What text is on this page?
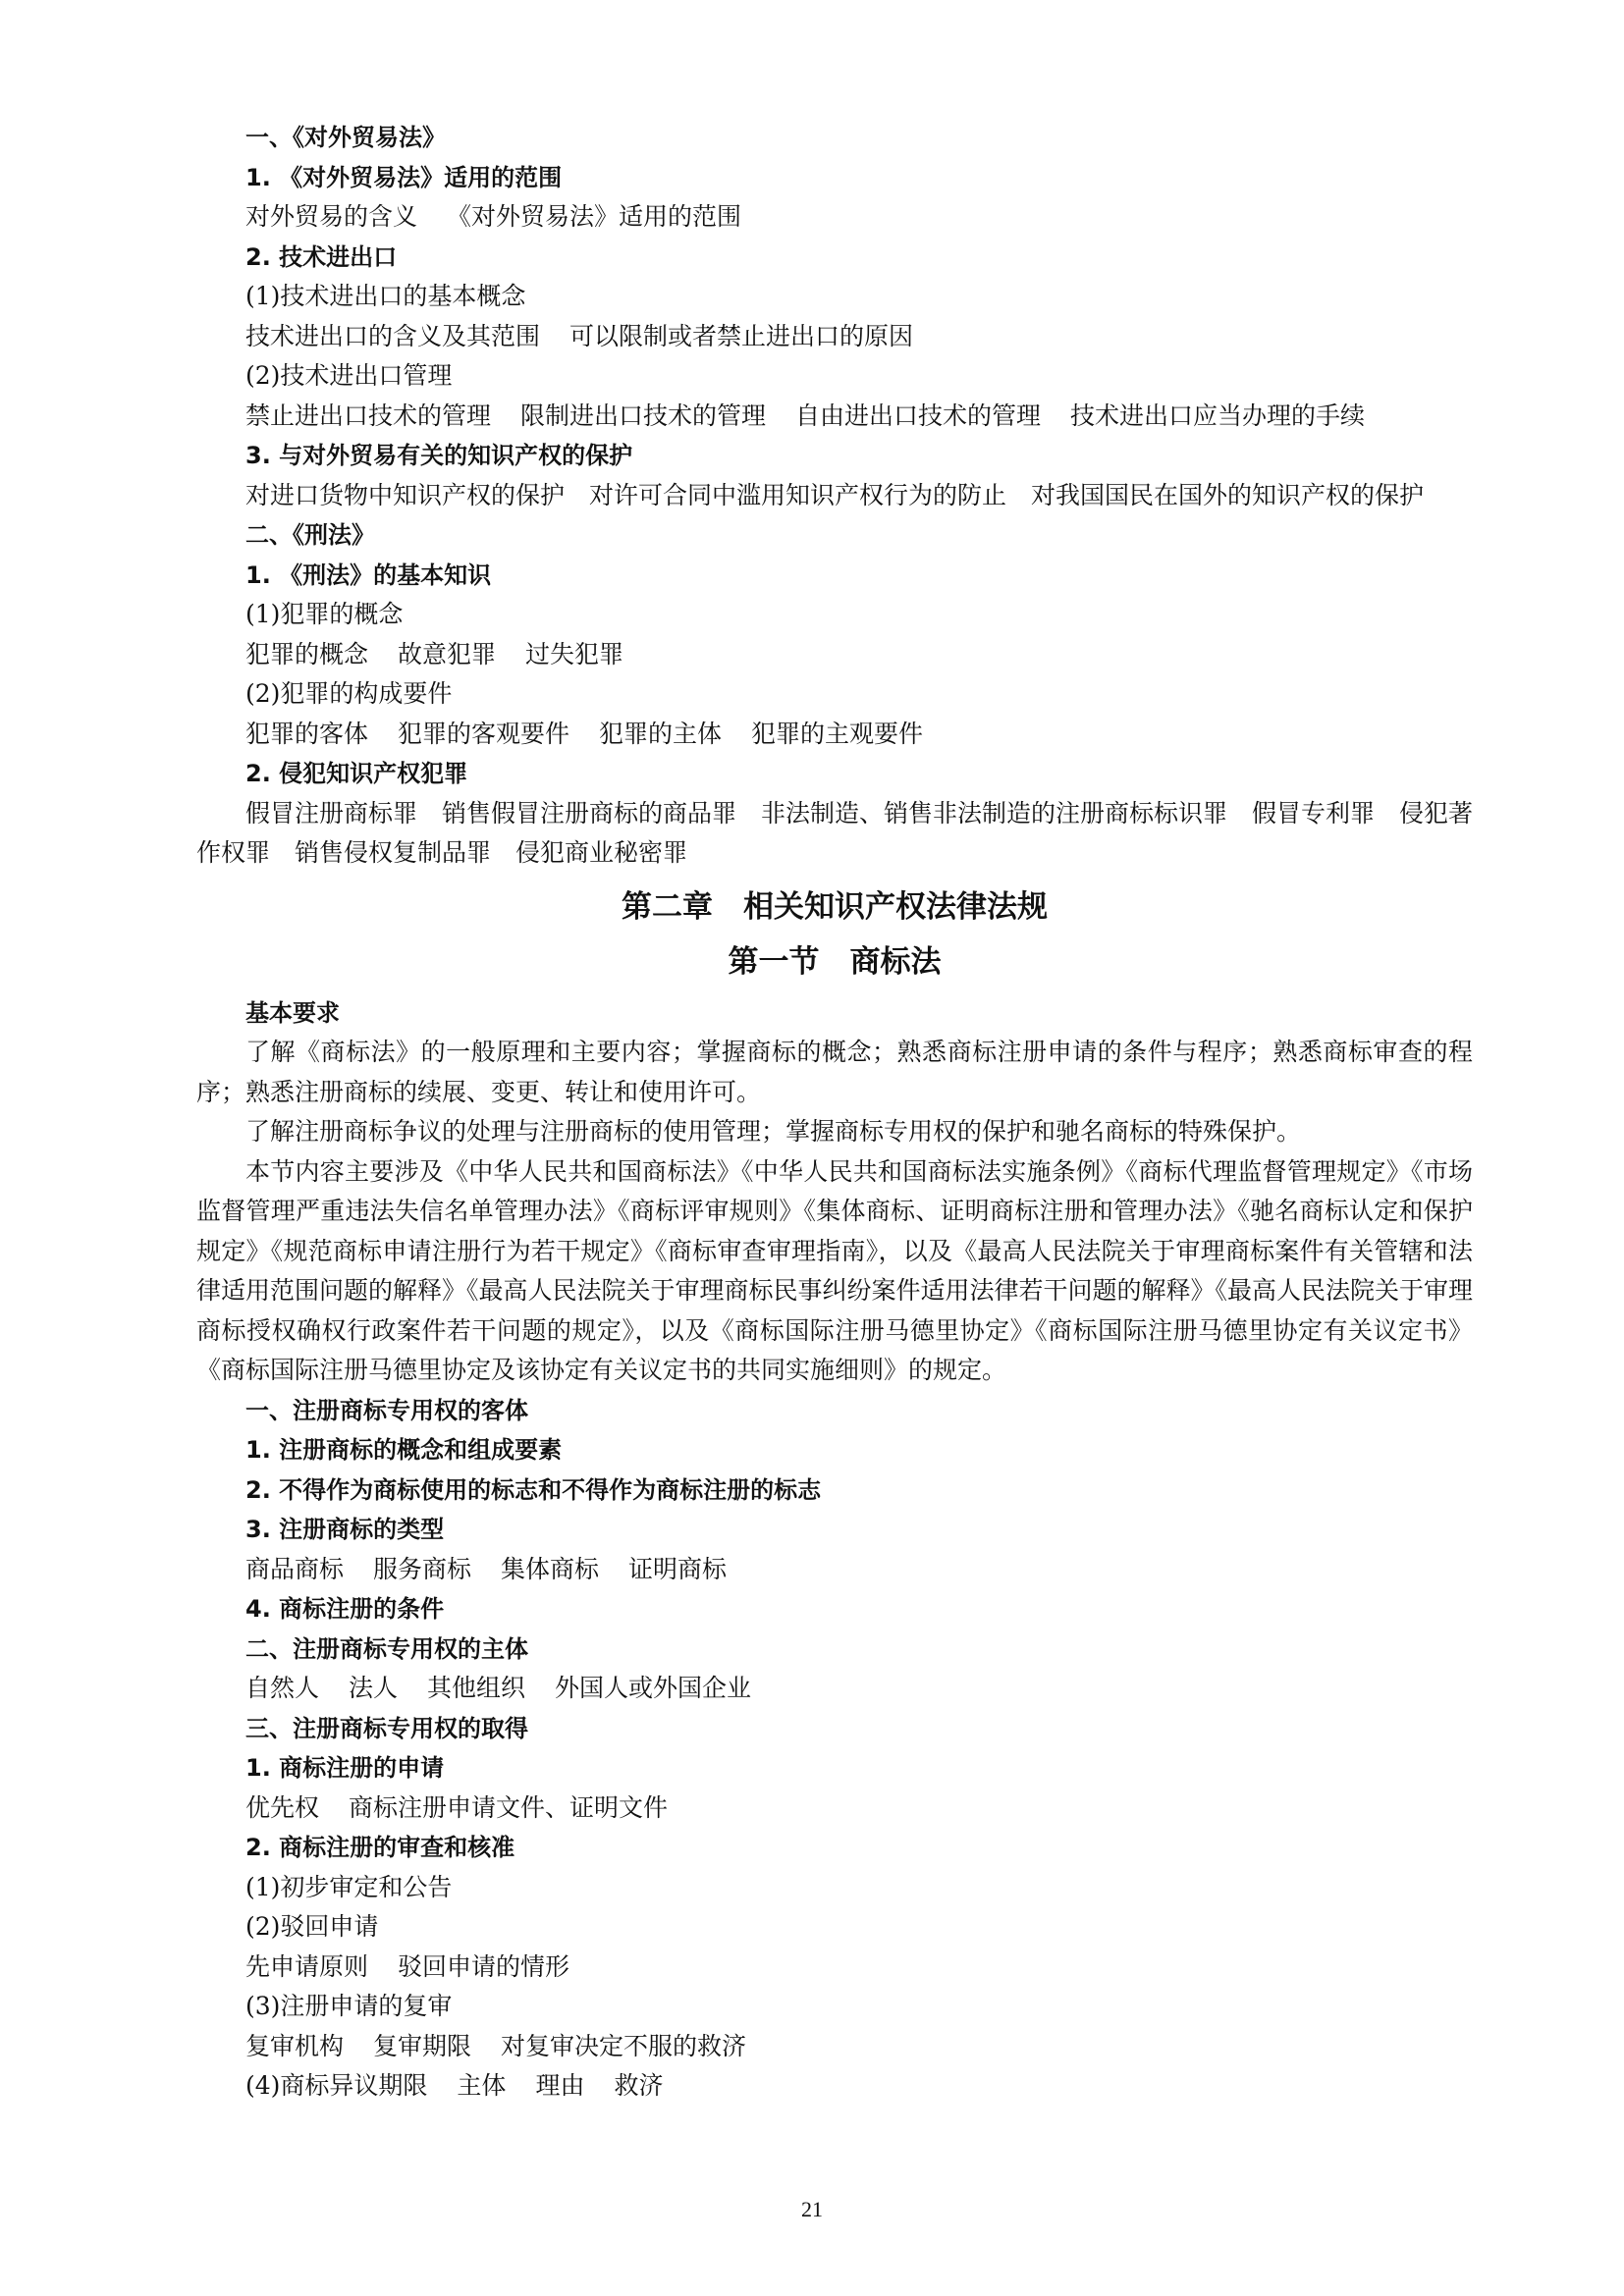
一、《对外贸易法》
1. 《对外贸易法》适用的范围
对外贸易的含义 《对外贸易法》适用的范围
2. 技术进出口
(1)技术进出口的基本概念
技术进出口的含义及其范围 可以限制或者禁止进出口的原因
(2)技术进出口管理
禁止进出口技术的管理 限制进出口技术的管理 自由进出口技术的管理 技术进出口应当办理的手续
3. 与对外贸易有关的知识产权的保护

对进口货物中知识产权的保护　对许可合同中滥用知识产权行为的防止　对我国国民在国外的知识产权的保护

二、《刑法》
1. 《刑法》的基本知识
(1)犯罪的概念
犯罪的概念 故意犯罪 过失犯罪
(2)犯罪的构成要件
犯罪的客体 犯罪的客观要件 犯罪的主体 犯罪的主观要件
2. 侵犯知识产权犯罪

假冒注册商标罪　销售假冒注册商标的商品罪　非法制造、销售非法制造的注册商标标识罪　假冒专利罪　侵犯著作权罪　销售侵权复制品罪　侵犯商业秘密罪

第二章　相关知识产权法律法规
第一节　商标法
基本要求

了解《商标法》的一般原理和主要内容；掌握商标的概念；熟悉商标注册申请的条件与程序；熟悉商标审查的程序；熟悉注册商标的续展、变更、转让和使用许可。

了解注册商标争议的处理与注册商标的使用管理；掌握商标专用权的保护和驰名商标的特殊保护。

本节内容主要涉及《中华人民共和国商标法》《中华人民共和国商标法实施条例》《商标代理监督管理规定》《市场监督管理严重违法失信名单管理办法》《商标评审规则》《集体商标、证明商标注册和管理办法》《驰名商标认定和保护规定》《规范商标申请注册行为若干规定》《商标审查审理指南》，以及《最高人民法院关于审理商标案件有关管辖和法律适用范围问题的解释》《最高人民法院关于审理商标民事纠纷案件适用法律若干问题的解释》《最高人民法院关于审理商标授权确权行政案件若干问题的规定》，以及《商标国际注册马德里协定》《商标国际注册马德里协定有关议定书》《商标国际注册马德里协定及该协定有关议定书的共同实施细则》的规定。

一、注册商标专用权的客体
1. 注册商标的概念和组成要素
2. 不得作为商标使用的标志和不得作为商标注册的标志
3. 注册商标的类型
商品商标 服务商标 集体商标 证明商标
4. 商标注册的条件
二、注册商标专用权的主体
自然人 法人 其他组织 外国人或外国企业
三、注册商标专用权的取得
1. 商标注册的申请
优先权 商标注册申请文件、证明文件
2. 商标注册的审查和核准
(1)初步审定和公告
(2)驳回申请
先申请原则 驳回申请的情形
(3)注册申请的复审
复审机构 复审期限 对复审决定不服的救济
(4)商标异议期限 主体 理由 救济
21
